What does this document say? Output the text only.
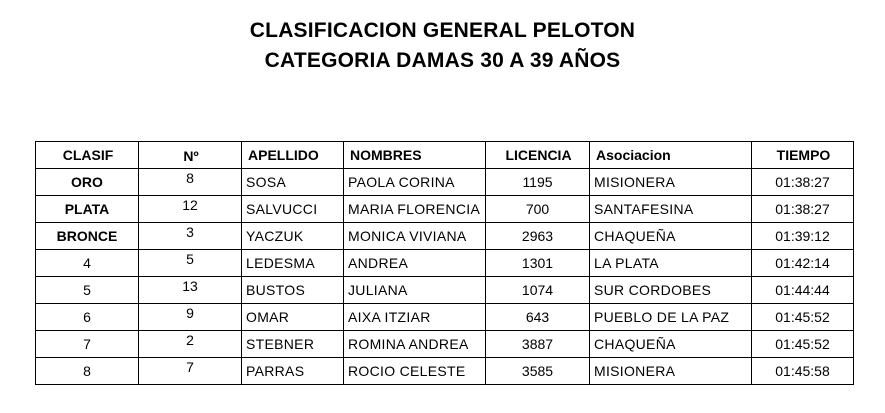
CLASIFICACION GENERAL PELOTON
CATEGORIA DAMAS 30 A 39 AÑOS
CLASIF	Nº	APELLIDO	NOMBRES	LICENCIA	Asociacion	TIEMPO
ORO	8	SOSA	PAOLA CORINA	1195	MISIONERA	01:38:27
PLATA	12	SALVUCCI	MARIA FLORENCIA	700	SANTAFESINA	01:38:27
BRONCE	3	YACZUK	MONICA VIVIANA	2963	CHAQUEÑA	01:39:12
4	5	LEDESMA	ANDREA	1301	LA PLATA	01:42:14
5	13	BUSTOS	JULIANA	1074	SUR CORDOBES	01:44:44
6	9	OMAR	AIXA ITZIAR	643	PUEBLO DE LA PAZ	01:45:52
7	2	STEBNER	ROMINA ANDREA	3887	CHAQUEÑA	01:45:52
8	7	PARRAS	ROCIO CELESTE	3585	MISIONERA	01:45:58
